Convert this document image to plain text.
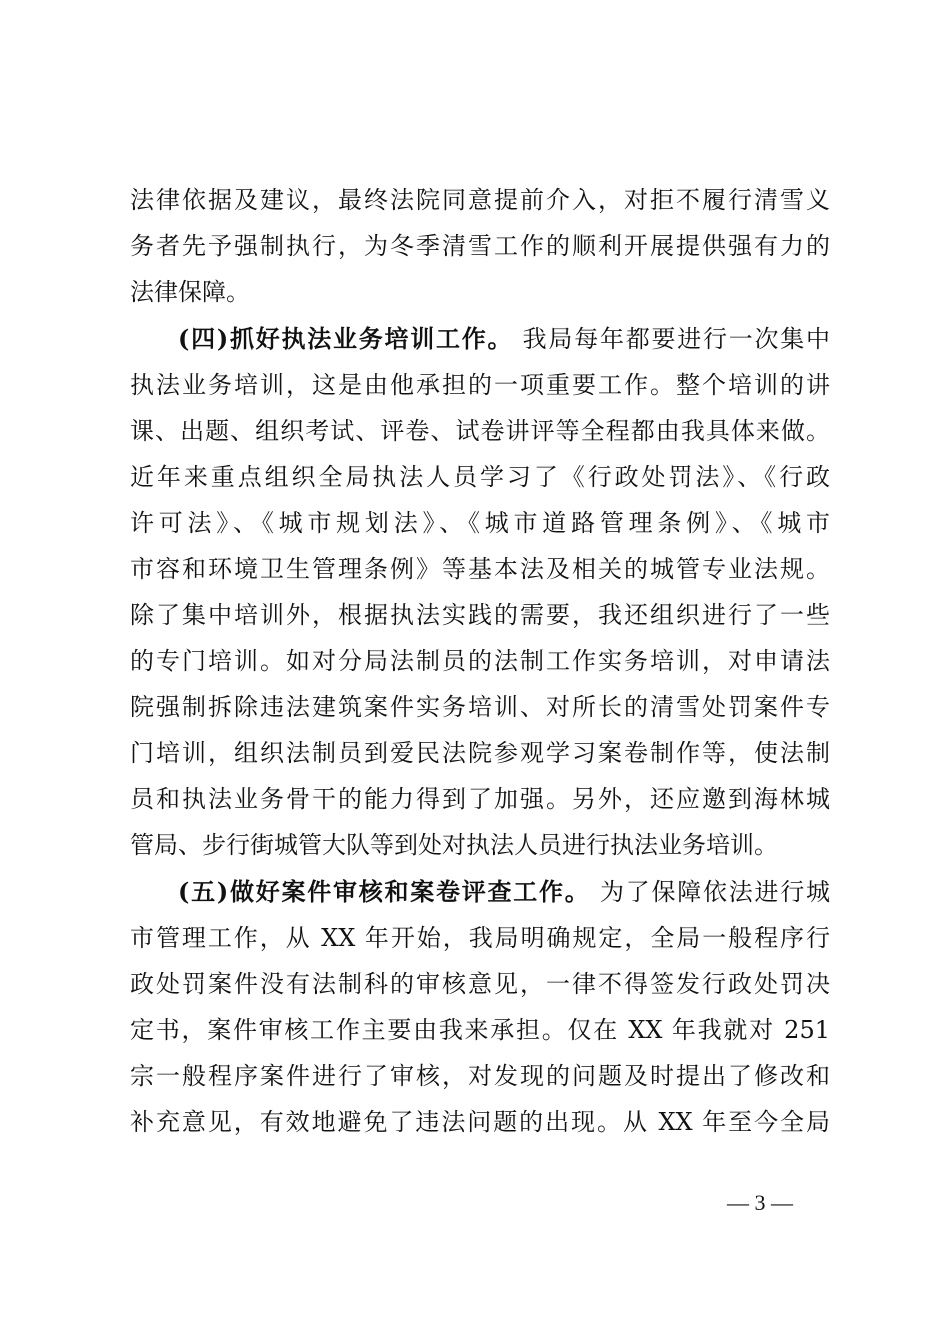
法律依据及建议，最终法院同意提前介入，对拒不履行清雪义
务者先予强制执行，为冬季清雪工作的顺利开展提供强有力的
法律保障。
(四)抓好执法业务培训工作。 我局每年都要进行一次集中
执法业务培训，这是由他承担的一项重要工作。整个培训的讲
课、出题、组织考试、评卷、试卷讲评等全程都由我具体来做。
近年来重点组织全局执法人员学习了《行政处罚法》、《行政
许可法》、《城市规划法》、《城市道路管理条例》、《城市
市容和环境卫生管理条例》等基本法及相关的城管专业法规。
除了集中培训外，根据执法实践的需要，我还组织进行了一些
的专门培训。如对分局法制员的法制工作实务培训，对申请法
院强制拆除违法建筑案件实务培训、对所长的清雪处罚案件专
门培训，组织法制员到爱民法院参观学习案卷制作等，使法制
员和执法业务骨干的能力得到了加强。另外，还应邀到海林城
管局、步行街城管大队等到处对执法人员进行执法业务培训。
(五)做好案件审核和案卷评查工作。 为了保障依法进行城
市管理工作，从 XX 年开始，我局明确规定，全局一般程序行
政处罚案件没有法制科的审核意见，一律不得签发行政处罚决
定书，案件审核工作主要由我来承担。仅在 XX 年我就对 251
宗一般程序案件进行了审核，对发现的问题及时提出了修改和
补充意见，有效地避免了违法问题的出现。从 XX 年至今全局
— 3 —
